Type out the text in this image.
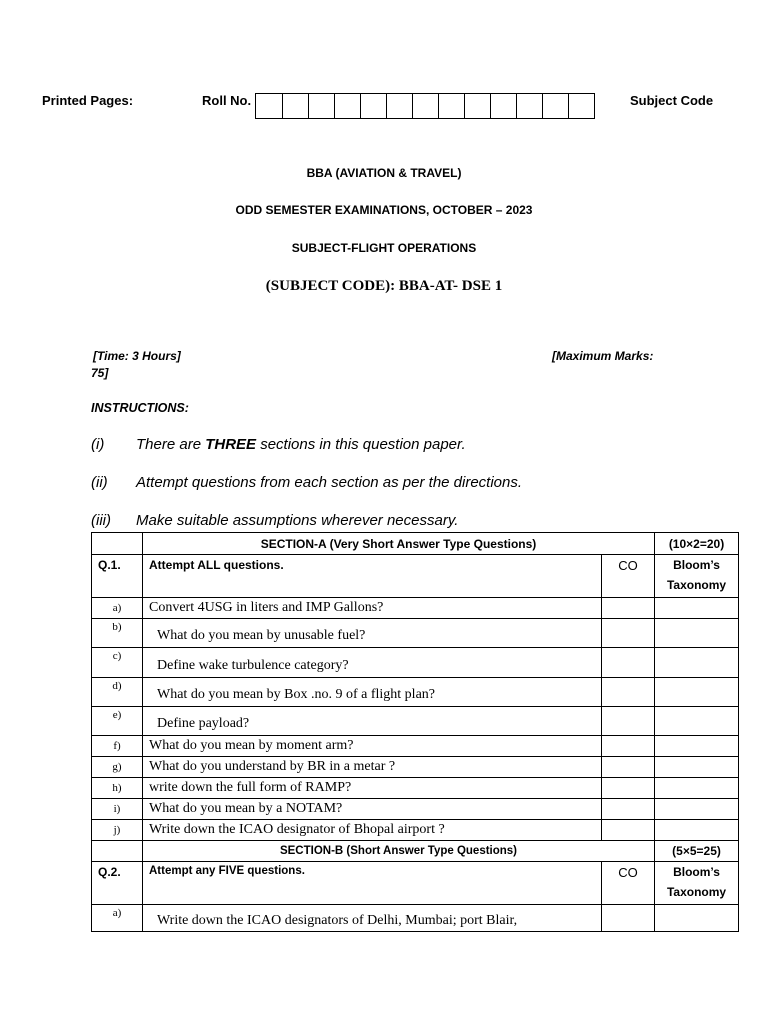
Printed Pages:	Roll No.	Subject Code
BBA (AVIATION & TRAVEL)
ODD SEMESTER EXAMINATIONS, OCTOBER – 2023
SUBJECT-FLIGHT OPERATIONS
(SUBJECT CODE): BBA-AT- DSE 1
[Time: 3 Hours]	[Maximum Marks:
75]
INSTRUCTIONS:
(i)	There are THREE sections in this question paper.
(ii)	Attempt questions from each section as per the directions.
(iii)	Make suitable assumptions wherever necessary.
	SECTION-A (Very Short Answer Type Questions)		(10×2=20)
Q.1.	Attempt ALL questions.	CO	Bloom’s Taxonomy
a)	Convert 4USG in liters and IMP Gallons?		
b)	What do you mean by unusable fuel?		
c)	Define wake turbulence category?		
d)	What do you mean by Box .no. 9 of a flight plan?		
e)	Define payload?		
f)	What do you mean by moment arm?		
g)	What do you understand by BR in a metar ?		
h)	write down the full form of RAMP?		
i)	What do you mean by a NOTAM?		
j)	Write down the ICAO designator of Bhopal airport ?		
	SECTION-B (Short Answer Type Questions)		(5×5=25)
Q.2.	Attempt any FIVE questions.	CO	Bloom’s Taxonomy
a)	Write down the ICAO designators of Delhi, Mumbai; port Blair,		
